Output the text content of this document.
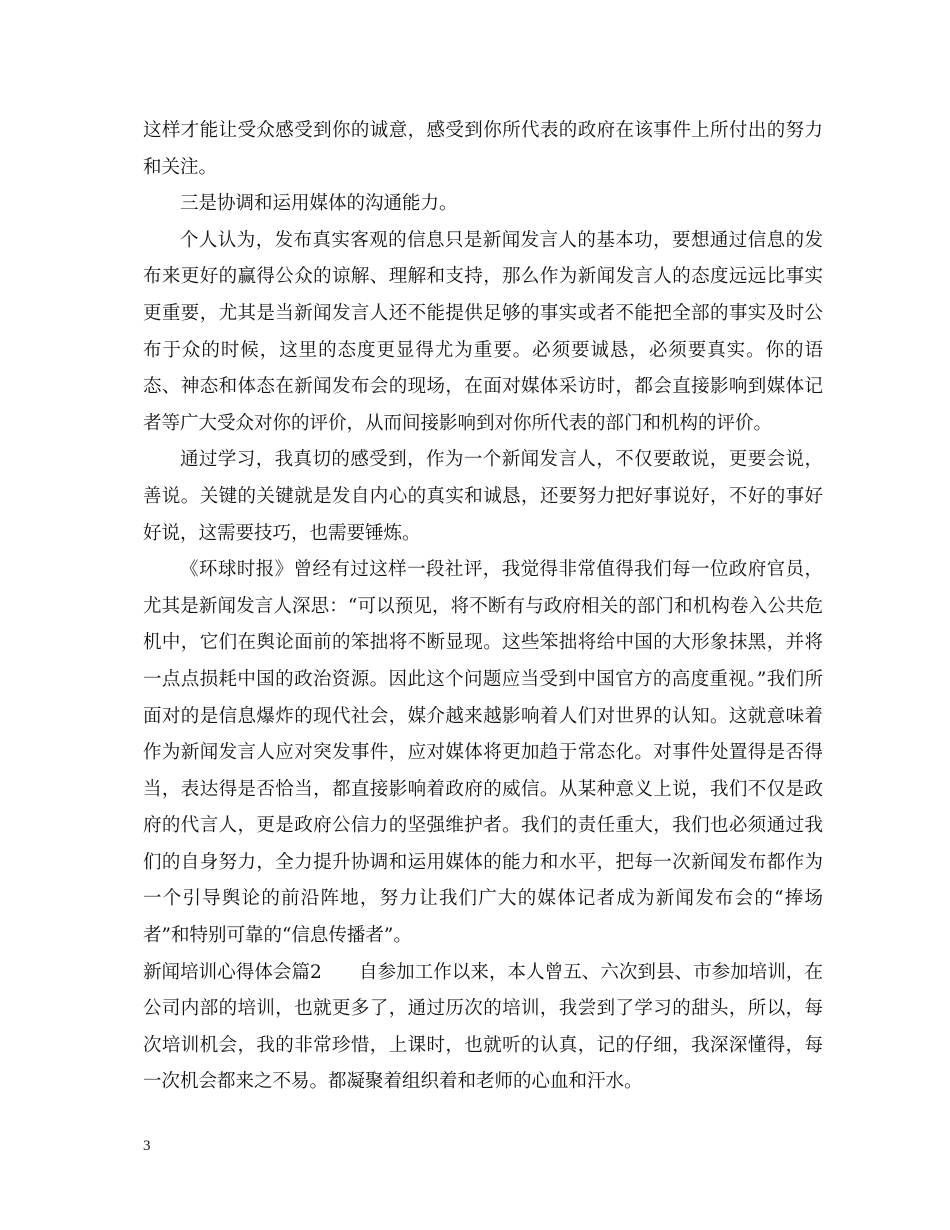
这样才能让受众感受到你的诚意，感受到你所代表的政府在该事件上所付出的努力和关注。

三是协调和运用媒体的沟通能力。

个人认为，发布真实客观的信息只是新闻发言人的基本功，要想通过信息的发布来更好的赢得公众的谅解、理解和支持，那么作为新闻发言人的态度远远比事实更重要，尤其是当新闻发言人还不能提供足够的事实或者不能把全部的事实及时公布于众的时候，这里的态度更显得尤为重要。必须要诚恳，必须要真实。你的语态、神态和体态在新闻发布会的现场，在面对媒体采访时，都会直接影响到媒体记者等广大受众对你的评价，从而间接影响到对你所代表的部门和机构的评价。

通过学习，我真切的感受到，作为一个新闻发言人，不仅要敢说，更要会说，善说。关键的关键就是发自内心的真实和诚恳，还要努力把好事说好，不好的事好好说，这需要技巧，也需要锤炼。

《环球时报》曾经有过这样一段社评，我觉得非常值得我们每一位政府官员，尤其是新闻发言人深思：“可以预见，将不断有与政府相关的部门和机构卷入公共危机中，它们在舆论面前的笨拙将不断显现。这些笨拙将给中国的大形象抹黑，并将一点点损耗中国的政治资源。因此这个问题应当受到中国官方的高度重视。”我们所面对的是信息爆炸的现代社会，媒介越来越影响着人们对世界的认知。这就意味着作为新闻发言人应对突发事件，应对媒体将更加趋于常态化。对事件处置得是否得当，表达得是否恰当，都直接影响着政府的威信。从某种意义上说，我们不仅是政府的代言人，更是政府公信力的坚强维护者。我们的责任重大，我们也必须通过我们的自身努力，全力提升协调和运用媒体的能力和水平，把每一次新闻发布都作为一个引导舆论的前沿阵地，努力让我们广大的媒体记者成为新闻发布会的“捧场者”和特别可靠的“信息传播者”。

新闻培训心得体会篇2　　自参加工作以来，本人曾五、六次到县、市参加培训，在公司内部的培训，也就更多了，通过历次的培训，我尝到了学习的甜头，所以，每次培训机会，我的非常珍惜，上课时，也就听的认真，记的仔细，我深深懂得，每一次机会都来之不易。都凝聚着组织着和老师的心血和汗水。

3
